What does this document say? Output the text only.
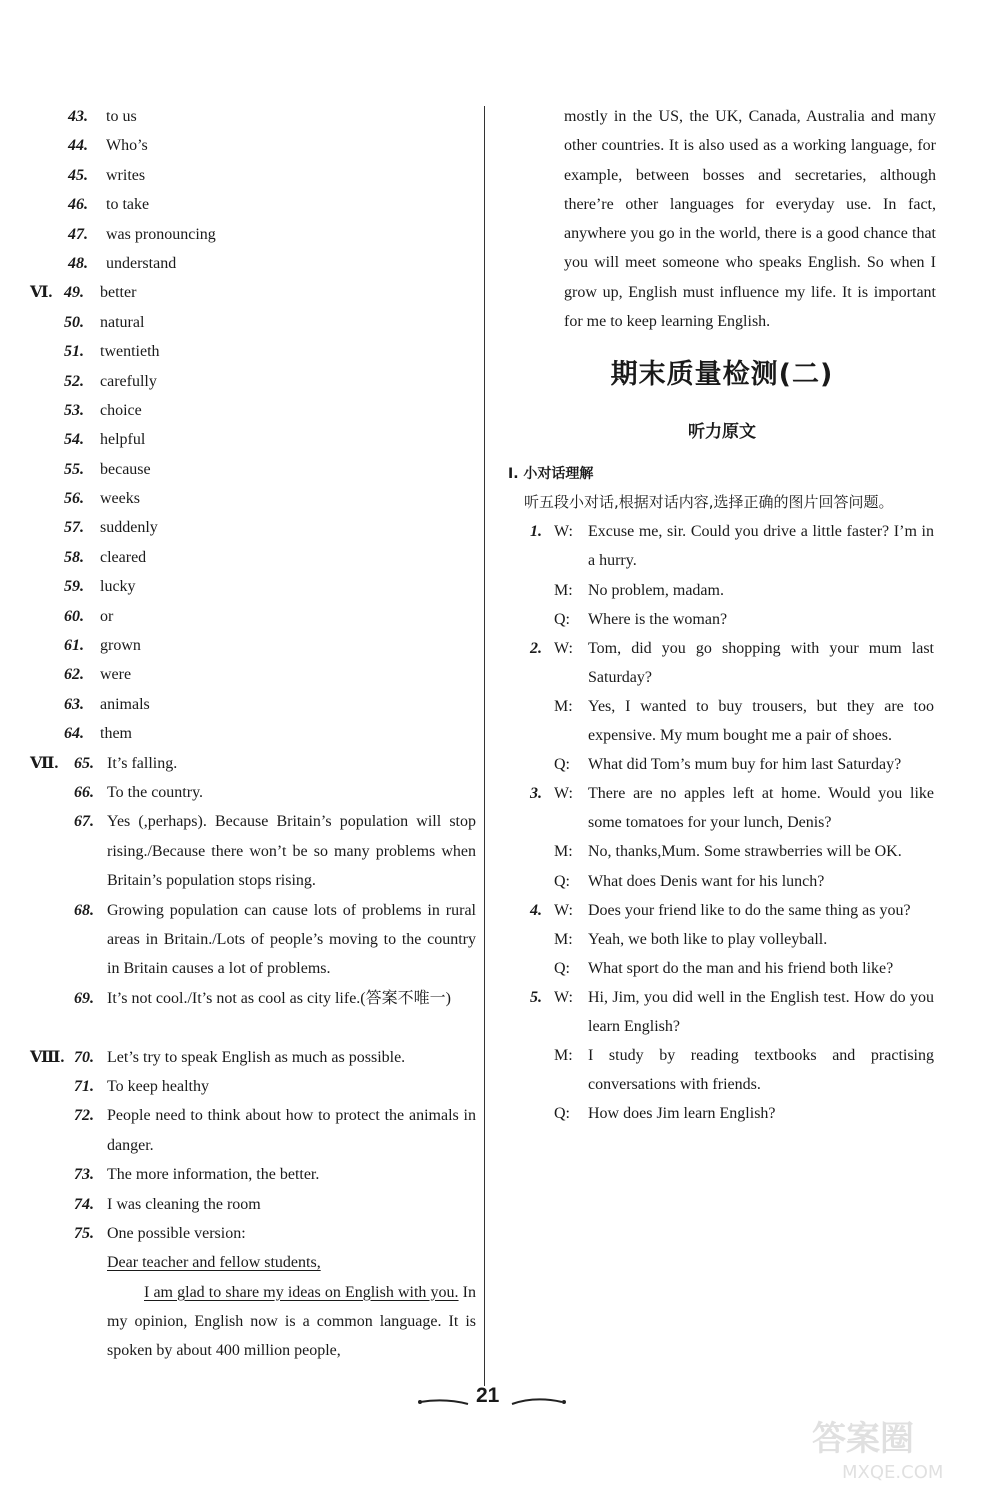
43. to us
44. Who’s
45. writes
46. to take
47. was pronouncing
48. understand
Ⅵ. 49. better
50. natural
51. twentieth
52. carefully
53. choice
54. helpful
55. because
56. weeks
57. suddenly
58. cleared
59. lucky
60. or
61. grown
62. were
63. animals
64. them
Ⅶ. 65. It’s falling.
66. To the country.
67. Yes (,perhaps). Because Britain’s population will stop rising./Because there won’t be so many problems when Britain’s population stops rising.
68. Growing population can cause lots of problems in rural areas in Britain./Lots of people’s moving to the country in Britain causes a lot of problems.
69. It’s not cool./It’s not as cool as city life.(答案不唯一)
Ⅷ. 70. Let’s try to speak English as much as possible.
71. To keep healthy
72. People need to think about how to protect the animals in danger.
73. The more information, the better.
74. I was cleaning the room
75. One possible version:
Dear teacher and fellow students,
I am glad to share my ideas on English with you. In my opinion, English now is a common language. It is spoken by about 400 million people,
mostly in the US, the UK, Canada, Australia and many other countries. It is also used as a working language, for example, between bosses and secretaries, although there’re other languages for everyday use. In fact, anywhere you go in the world, there is a good chance that you will meet someone who speaks English. So when I grow up, English must influence my life. It is important for me to keep learning English.
期末质量检测(二)
听力原文
Ⅰ. 小对话理解
听五段小对话,根据对话内容,选择正确的图片回答问题。
1. W: Excuse me, sir. Could you drive a little faster? I’m in a hurry.
M: No problem, madam.
Q: Where is the woman?
2. W: Tom, did you go shopping with your mum last Saturday?
M: Yes, I wanted to buy trousers, but they are too expensive. My mum bought me a pair of shoes.
Q: What did Tom’s mum buy for him last Saturday?
3. W: There are no apples left at home. Would you like some tomatoes for your lunch, Denis?
M: No, thanks,Mum. Some strawberries will be OK.
Q: What does Denis want for his lunch?
4. W: Does your friend like to do the same thing as you?
M: Yeah, we both like to play volleyball.
Q: What sport do the man and his friend both like?
5. W: Hi, Jim, you did well in the English test. How do you learn English?
M: I study by reading textbooks and practising conversations with friends.
Q: How does Jim learn English?
21
答案圈
MXQE.COM
